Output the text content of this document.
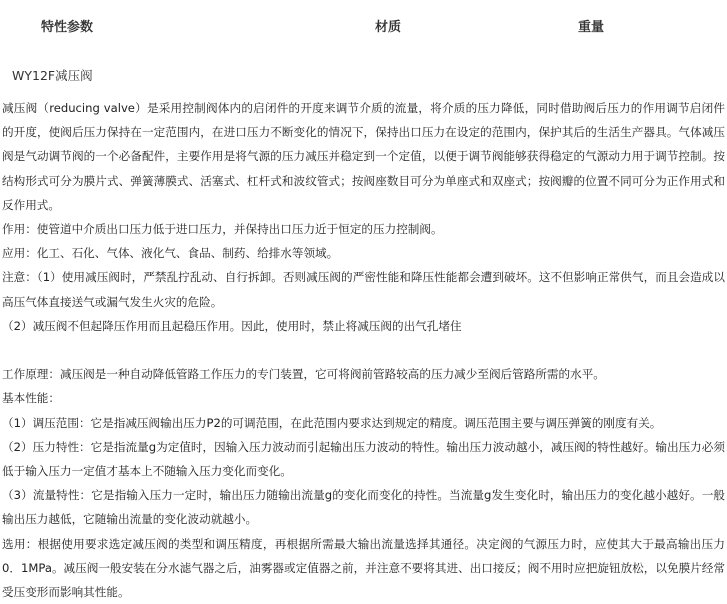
特性参数	材质	重量
WY12F减压阀

减压阀（reducing valve）是采用控制阀体内的启闭件的开度来调节介质的流量，将介质的压力降低，同时借助阀后压力的作用调节启闭件的开度，使阀后压力保持在一定范围内，在进口压力不断变化的情况下，保持出口压力在设定的范围内，保护其后的生活生产器具。气体减压阀是气动调节阀的一个必备配件，主要作用是将气源的压力减压并稳定到一个定值，以便于调节阀能够获得稳定的气源动力用于调节控制。按结构形式可分为膜片式、弹簧薄膜式、活塞式、杠杆式和波纹管式；按阀座数目可分为单座式和双座式；按阀瓣的位置不同可分为正作用式和反作用式。

作用：使管道中介质出口压力低于进口压力，并保持出口压力近于恒定的压力控制阀。

应用：化工、石化、气体、液化气、食品、制药、给排水等领域。

注意：（1）使用减压阀时，严禁乱拧乱动、自行拆卸。否则减压阀的严密性能和降压性能都会遭到破坏。这不但影响正常供气，而且会造成以高压气体直接送气或漏气发生火灾的危险。

（2）减压阀不但起降压作用而且起稳压作用。因此，使用时，禁止将减压阀的出气孔堵住

工作原理：减压阀是一种自动降低管路工作压力的专门装置，它可将阀前管路较高的压力减少至阀后管路所需的水平。

基本性能：

（1）调压范围：它是指减压阀输出压力P2的可调范围，在此范围内要求达到规定的精度。调压范围主要与调压弹簧的刚度有关。

（2）压力特性：它是指流量g为定值时，因输入压力波动而引起输出压力波动的特性。输出压力波动越小，减压阀的特性越好。输出压力必须低于输入压力一定值才基本上不随输入压力变化而变化。

（3）流量特性：它是指输入压力一定时，输出压力随输出流量g的变化而变化的持性。当流量g发生变化时，输出压力的变化越小越好。一般输出压力越低，它随输出流量的变化波动就越小。

选用：根据使用要求选定减压阀的类型和调压精度，再根据所需最大输出流量选择其通径。决定阀的气源压力时，应使其大于最高输出压力0．1MPa。减压阀一般安装在分水滤气器之后，油雾器或定值器之前，并注意不要将其进、出口接反；阀不用时应把旋钮放松，以免膜片经常受压变形而影响其性能。
